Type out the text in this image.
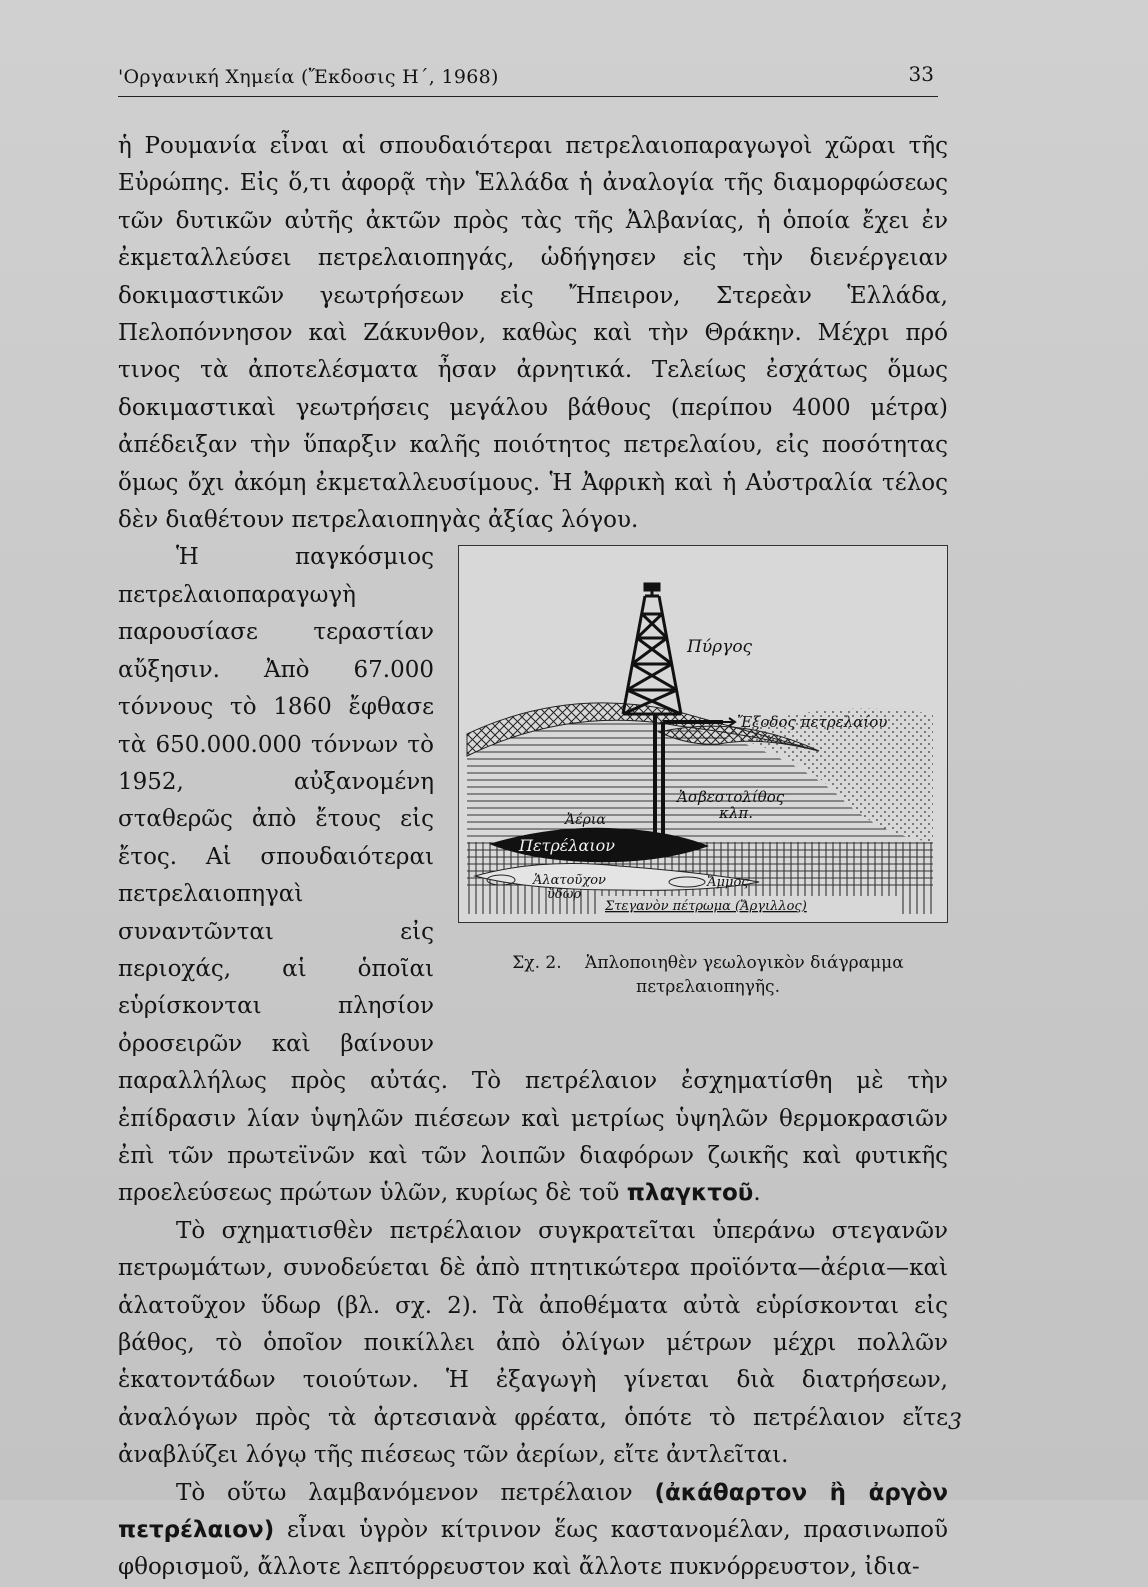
'Οργανική Χημεία (Ἔκδοσις Η΄, 1968)	33

ἡ Ρουμανία εἶναι αἱ σπουδαιότεραι πετρελαιοπαραγωγοὶ χῶραι τῆς Εὐρώπης. Εἰς ὅ,τι ἀφορᾷ τὴν Ἑλλάδα ἡ ἀναλογία τῆς διαμορφώσεως τῶν δυτικῶν αὐτῆς ἀκτῶν πρὸς τὰς τῆς Ἀλβανίας, ἡ ὁποία ἔχει ἐν ἐκμεταλλεύσει πετρελαιοπηγάς, ὡδήγησεν εἰς τὴν διενέργειαν δοκιμαστικῶν γεωτρήσεων εἰς Ἤπειρον, Στερεὰν Ἑλλάδα, Πελοπόννησον καὶ Ζάκυνθον, καθὼς καὶ τὴν Θράκην. Μέχρι πρό τινος τὰ ἀποτελέσματα ἦσαν ἀρνητικά. Τελείως ἐσχάτως ὅμως δοκιμαστικαὶ γεωτρήσεις μεγάλου βάθους (περίπου 4000 μέτρα) ἀπέδειξαν τὴν ὕπαρξιν καλῆς ποιότητος πετρελαίου, εἰς ποσότητας ὅμως ὄχι ἀκόμη ἐκμεταλλευσίμους. Ἡ Ἀφρικὴ καὶ ἡ Αὐστραλία τέλος δὲν διαθέτουν πετρελαιοπηγὰς ἀξίας λόγου.

Πύργος
Ἔξοδος πετρελαίου
Ἀσβεστολίθος
κλπ.
Ἀέρια
Πετρέλαιον
Ἁλατοῦχον
ὕδωρ
Ἄμμος
Στεγανὸν πέτρωμα (Ἄργιλλος)
Σχ. 2. Ἁπλοποιηθὲν γεωλογικὸν διάγραμμα
πετρελαιοπηγῆς.

Ἡ παγκόσμιος πετρελαιοπαραγωγὴ παρουσίασε τεραστίαν αὔξησιν. Ἀπὸ 67.000 τόννους τὸ 1860 ἔφθασε τὰ 650.000.000 τόννων τὸ 1952, αὐξανομένη σταθερῶς ἀπὸ ἔτους εἰς ἔτος. Αἱ σπουδαιότεραι πετρελαιοπηγαὶ συναντῶνται εἰς περιοχάς, αἱ ὁποῖαι εὑρίσκονται πλησίον ὀροσειρῶν καὶ βαίνουν παραλλήλως πρὸς αὐτάς. Τὸ πετρέλαιον ἐσχηματίσθη μὲ τὴν ἐπίδρασιν λίαν ὑψηλῶν πιέσεων καὶ μετρίως ὑψηλῶν θερμοκρασιῶν ἐπὶ τῶν πρωτεϊνῶν καὶ τῶν λοιπῶν διαφόρων ζωικῆς καὶ φυτικῆς προελεύσεως πρώτων ὑλῶν, κυρίως δὲ τοῦ πλαγκτοῦ.

Τὸ σχηματισθὲν πετρέλαιον συγκρατεῖται ὑπεράνω στεγανῶν πετρωμάτων, συνοδεύεται δὲ ἀπὸ πτητικώτερα προϊόντα—ἀέρια—καὶ ἁλατοῦχον ὕδωρ (βλ. σχ. 2). Τὰ ἀποθέματα αὐτὰ εὑρίσκονται εἰς βάθος, τὸ ὁποῖον ποικίλλει ἀπὸ ὀλίγων μέτρων μέχρι πολλῶν ἑκατοντάδων τοιούτων. Ἡ ἐξαγωγὴ γίνεται διὰ διατρήσεων, ἀναλόγων πρὸς τὰ ἀρτεσιανὰ φρέατα, ὁπότε τὸ πετρέλαιον εἴτε ἀναβλύζει λόγῳ τῆς πιέσεως τῶν ἀερίων, εἴτε ἀντλεῖται.

Τὸ οὕτω λαμβανόμενον πετρέλαιον (ἀκάθαρτον ἢ ἀργὸν πετρέλαιον) εἶναι ὑγρὸν κίτρινον ἕως καστανομέλαν, πρασινωποῦ φθορισμοῦ, ἄλλοτε λεπτόρρευστον καὶ ἄλλοτε πυκνόρρευστον, ἰδια-

3
